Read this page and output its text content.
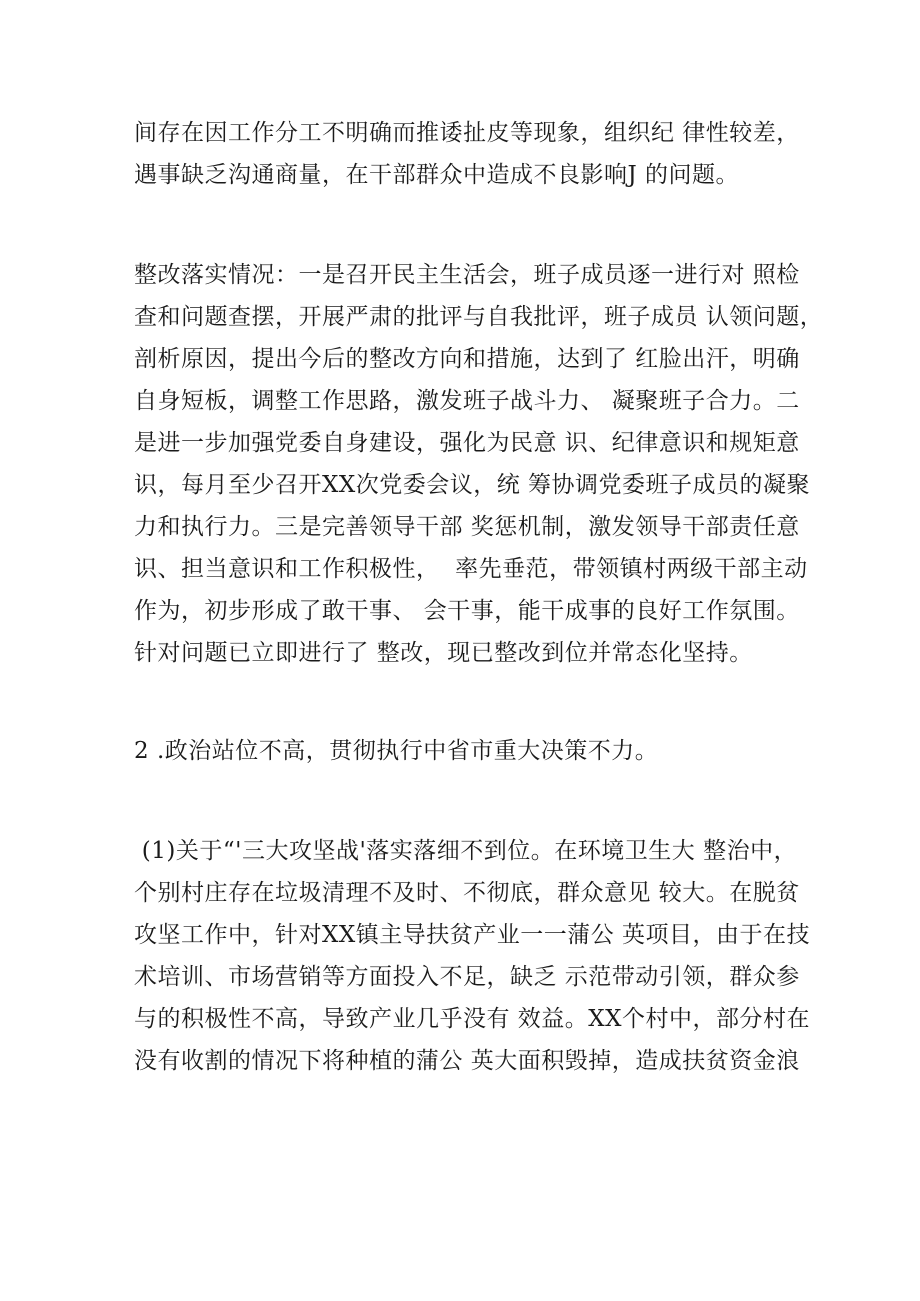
间存在因工作分工不明确而推诿扯皮等现象，组织纪 律性较差，
遇事缺乏沟通商量，在干部群众中造成不良影响J 的问题。
整改落实情况：一是召开民主生活会，班子成员逐一进行对 照检
查和问题查摆，开展严肃的批评与自我批评，班子成员 认领问题，
剖析原因，提出今后的整改方向和措施，达到了 红脸出汗，明确
自身短板，调整工作思路，激发班子战斗力、 凝聚班子合力。二
是进一步加强党委自身建设，强化为民意 识、纪律意识和规矩意
识，每月至少召开XX次党委会议，统 筹协调党委班子成员的凝聚
力和执行力。三是完善领导干部 奖惩机制，激发领导干部责任意
识、担当意识和工作积极性，  率先垂范，带领镇村两级干部主动
作为，初步形成了敢干事、 会干事，能干成事的良好工作氛围。
针对问题已立即进行了 整改，现已整改到位并常态化坚持。
2 .政治站位不高，贯彻执行中省市重大决策不力。
(1)关于“'三大攻坚战'落实落细不到位。在环境卫生大 整治中，
个别村庄存在垃圾清理不及时、不彻底，群众意见 较大。在脱贫
攻坚工作中，针对XX镇主导扶贫产业一一蒲公 英项目，由于在技
术培训、市场营销等方面投入不足，缺乏 示范带动引领，群众参
与的积极性不高，导致产业几乎没有 效益。XX个村中，部分村在
没有收割的情况下将种植的蒲公 英大面积毁掉，造成扶贫资金浪
